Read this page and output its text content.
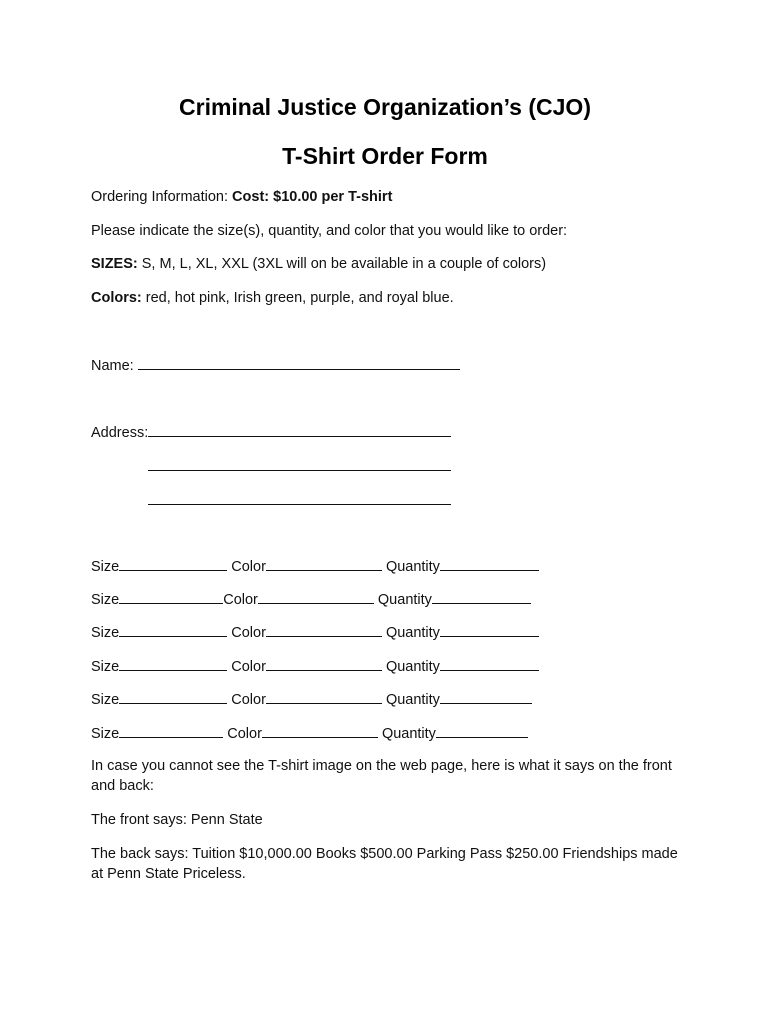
Criminal Justice Organization’s (CJO)
T-Shirt Order Form
Ordering Information: Cost: $10.00 per T-shirt
Please indicate the size(s), quantity, and color that you would like to order:
SIZES: S, M, L, XL, XXL (3XL will on be available in a couple of colors)
Colors: red, hot pink, Irish green, purple, and royal blue.
Name:
Address:
Size	Color	Quantity
Size	Color	Quantity
Size	Color	Quantity
Size	Color	Quantity
Size	Color	Quantity
Size	Color	Quantity
In case you cannot see the T-shirt image on the web page, here is what it says on the front and back:
The front says: Penn State
The back says: Tuition $10,000.00 Books $500.00 Parking Pass $250.00 Friendships made at Penn State Priceless.
